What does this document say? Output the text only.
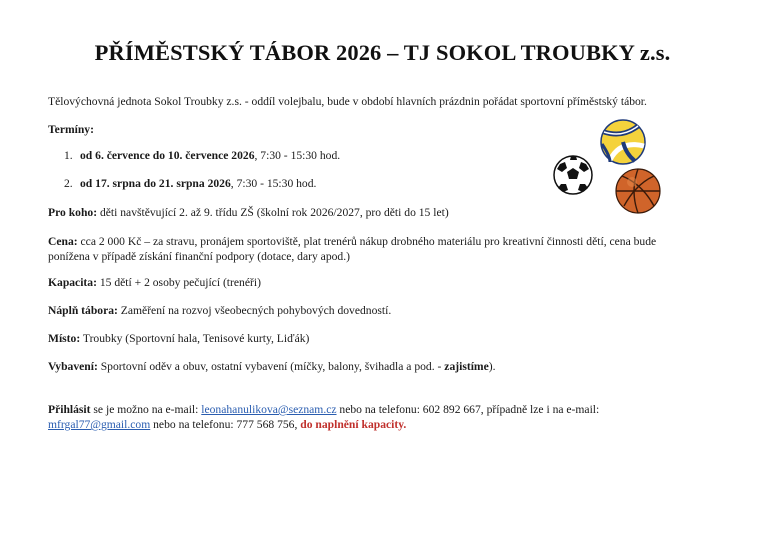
PŘÍMĚSTSKÝ TÁBOR 2026 – TJ SOKOL TROUBKY z.s.
Tělovýchovná jednota Sokol Troubky z.s. - oddíl volejbalu, bude v období hlavních prázdnin pořádat sportovní příměstský tábor.
Termíny:
1. od 6. července do 10. července 2026, 7:30 - 15:30 hod.
2. od 17. srpna do 21. srpna 2026, 7:30 - 15:30 hod.
Pro koho: děti navštěvující 2. až 9. třídu ZŠ (školní rok 2026/2027, pro děti do 15 let)
Cena: cca 2 000 Kč – za stravu, pronájem sportoviště, plat trenérů nákup drobného materiálu pro kreativní činnosti dětí, cena bude
ponížena v případě získání finanční podpory (dotace, dary apod.)
Kapacita: 15 dětí + 2 osoby pečující (trenéři)
Náplň tábora: Zaměření na rozvoj všeobecných pohybových dovedností.
Místo: Troubky (Sportovní hala, Tenisové kurty, Liďák)
Vybavení: Sportovní oděv a obuv, ostatní vybavení (míčky, balony, švihadla a pod. - zajistíme).
Přihlásit se je možno na e-mail: leonahanulikova@seznam.cz nebo na telefonu: 602 892 667, případně lze i na e-mail:
mfrgal77@gmail.com nebo na telefonu: 777 568 756, do naplnění kapacity.
